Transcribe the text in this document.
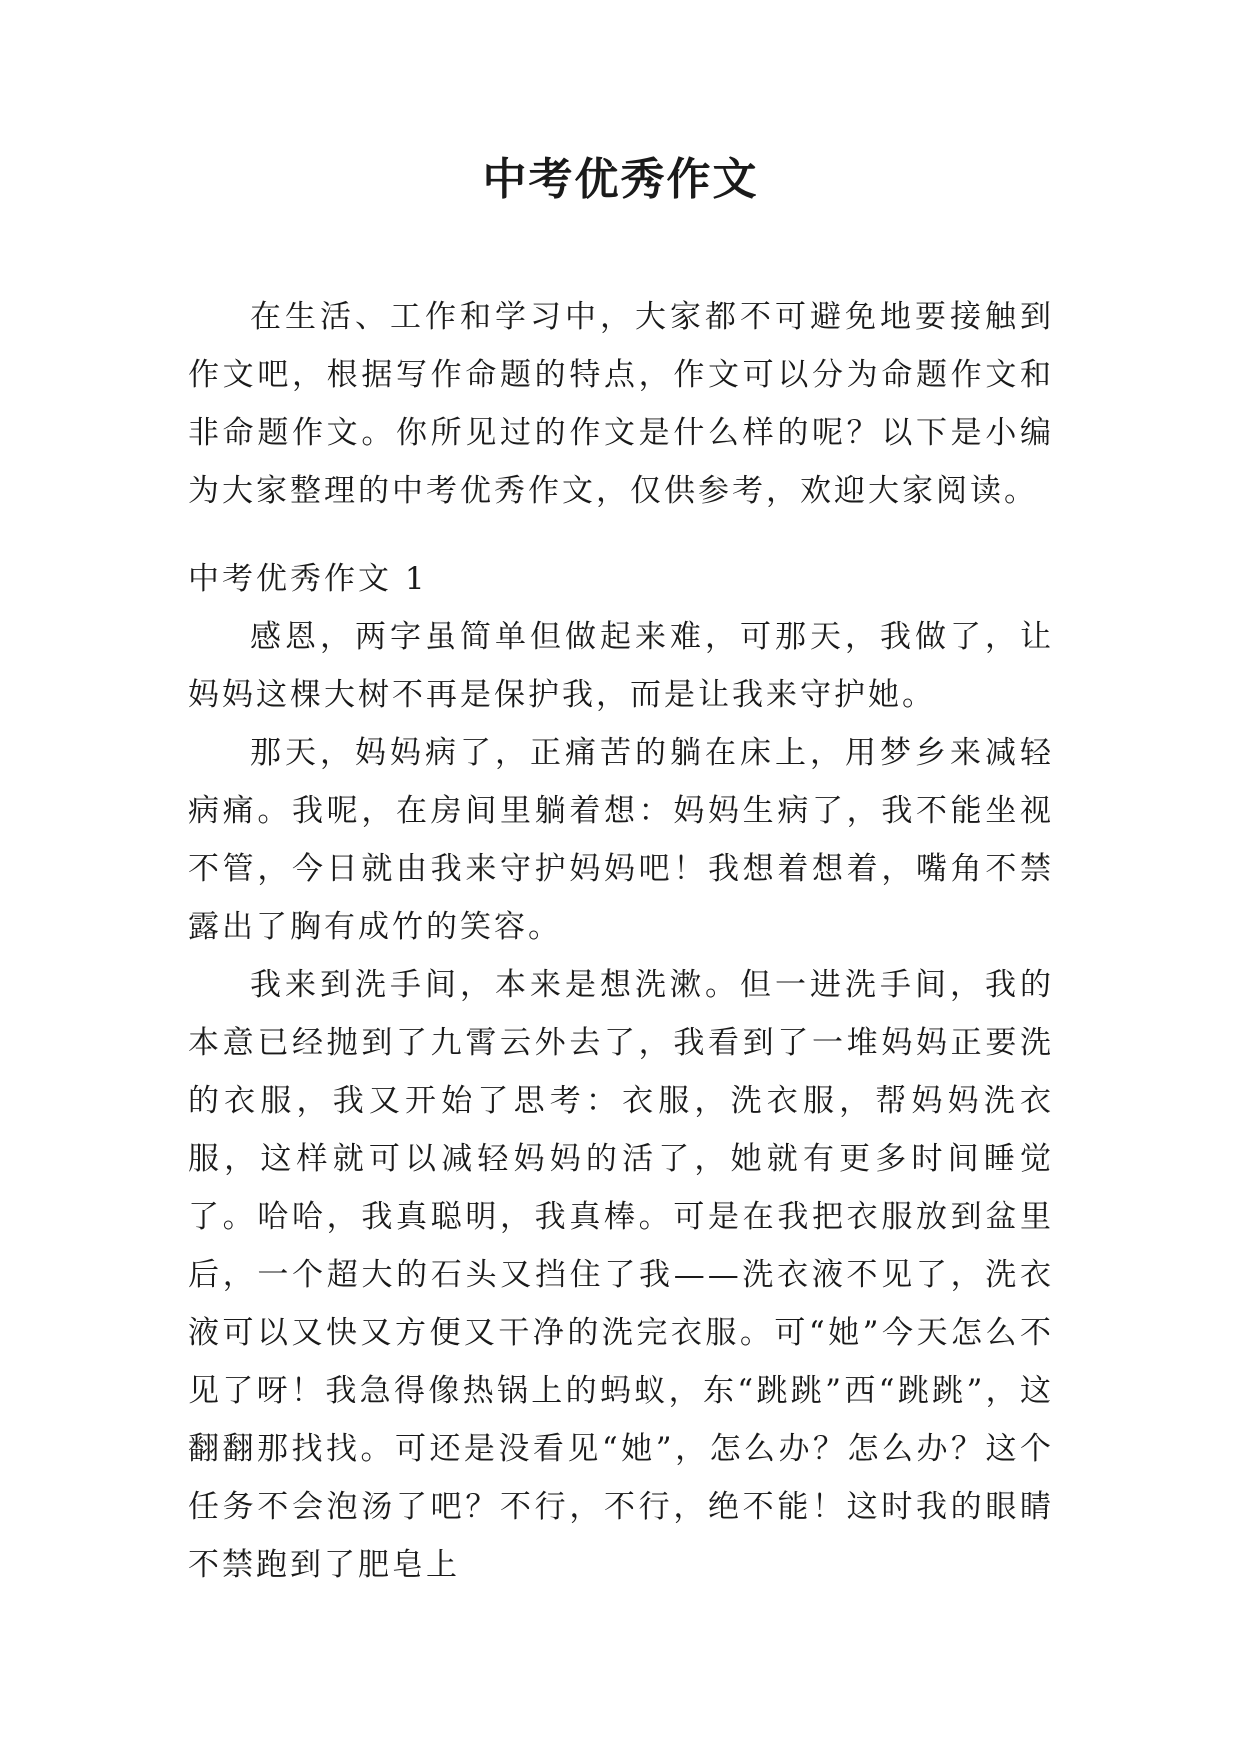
中考优秀作文

在生活、工作和学习中，大家都不可避免地要接触到作文吧，根据写作命题的特点，作文可以分为命题作文和非命题作文。你所见过的作文是什么样的呢？以下是小编为大家整理的中考优秀作文，仅供参考，欢迎大家阅读。

中考优秀作文 1

感恩，两字虽简单但做起来难，可那天，我做了，让妈妈这棵大树不再是保护我，而是让我来守护她。

那天，妈妈病了，正痛苦的躺在床上，用梦乡来减轻病痛。我呢，在房间里躺着想：妈妈生病了，我不能坐视不管，今日就由我来守护妈妈吧！我想着想着，嘴角不禁露出了胸有成竹的笑容。

我来到洗手间，本来是想洗漱。但一进洗手间，我的本意已经抛到了九霄云外去了，我看到了一堆妈妈正要洗的衣服，我又开始了思考：衣服，洗衣服，帮妈妈洗衣服，这样就可以减轻妈妈的活了，她就有更多时间睡觉了。哈哈，我真聪明，我真棒。可是在我把衣服放到盆里后，一个超大的石头又挡住了我——洗衣液不见了，洗衣液可以又快又方便又干净的洗完衣服。可“她”今天怎么不见了呀！我急得像热锅上的蚂蚁，东“跳跳”西“跳跳”，这翻翻那找找。可还是没看见“她”，怎么办？怎么办？这个任务不会泡汤了吧？不行，不行，绝不能！这时我的眼睛不禁跑到了肥皂上
